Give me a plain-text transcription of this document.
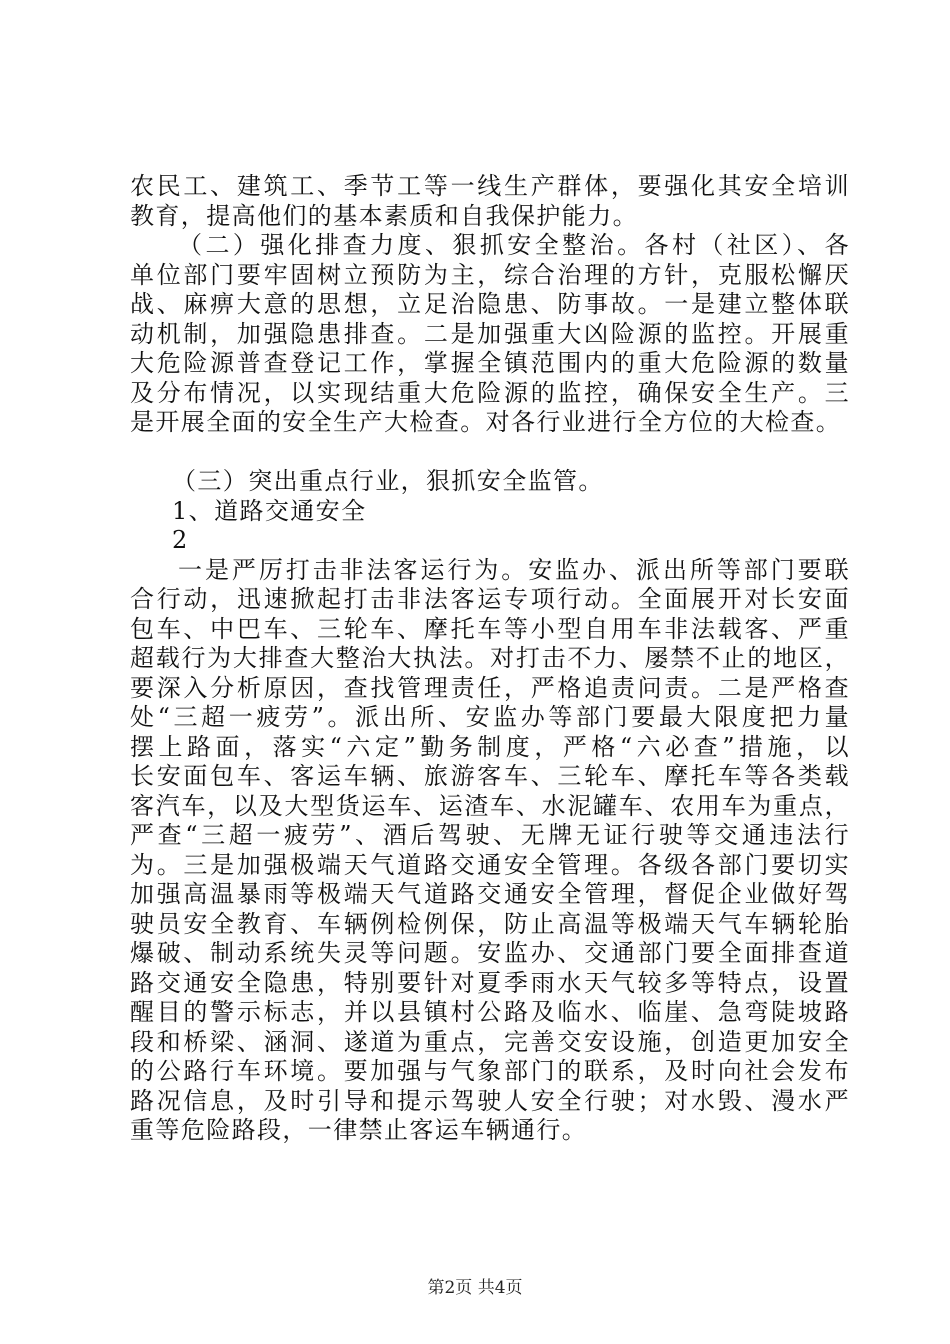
农民工、建筑工、季节工等一线生产群体，要强化其安全培训
教育，提高他们的基本素质和自我保护能力。
（二）强化排查力度、狠抓安全整治。各村（社区）、各
单位部门要牢固树立预防为主，综合治理的方针，克服松懈厌
战、麻痹大意的思想，立足治隐患、防事故。一是建立整体联
动机制，加强隐患排查。二是加强重大凶险源的监控。开展重
大危险源普查登记工作，掌握全镇范围内的重大危险源的数量
及分布情况，以实现结重大危险源的监控，确保安全生产。三
是开展全面的安全生产大检查。对各行业进行全方位的大检查。
（三）突出重点行业，狠抓安全监管。
1、道路交通安全
2
一是严厉打击非法客运行为。安监办、派出所等部门要联
合行动，迅速掀起打击非法客运专项行动。全面展开对长安面
包车、中巴车、三轮车、摩托车等小型自用车非法载客、严重
超载行为大排查大整治大执法。对打击不力、屡禁不止的地区，
要深入分析原因，查找管理责任，严格追责问责。二是严格查
处“三超一疲劳”。派出所、安监办等部门要最大限度把力量
摆上路面，落实“六定”勤务制度，严格“六必查”措施，以
长安面包车、客运车辆、旅游客车、三轮车、摩托车等各类载
客汽车，以及大型货运车、运渣车、水泥罐车、农用车为重点，
严查“三超一疲劳”、酒后驾驶、无牌无证行驶等交通违法行
为。三是加强极端天气道路交通安全管理。各级各部门要切实
加强高温暴雨等极端天气道路交通安全管理，督促企业做好驾
驶员安全教育、车辆例检例保，防止高温等极端天气车辆轮胎
爆破、制动系统失灵等问题。安监办、交通部门要全面排查道
路交通安全隐患，特别要针对夏季雨水天气较多等特点，设置
醒目的警示标志，并以县镇村公路及临水、临崖、急弯陡坡路
段和桥梁、涵洞、遂道为重点，完善交安设施，创造更加安全
的公路行车环境。要加强与气象部门的联系，及时向社会发布
路况信息，及时引导和提示驾驶人安全行驶；对水毁、漫水严
重等危险路段，一律禁止客运车辆通行。
第2页 共4页
